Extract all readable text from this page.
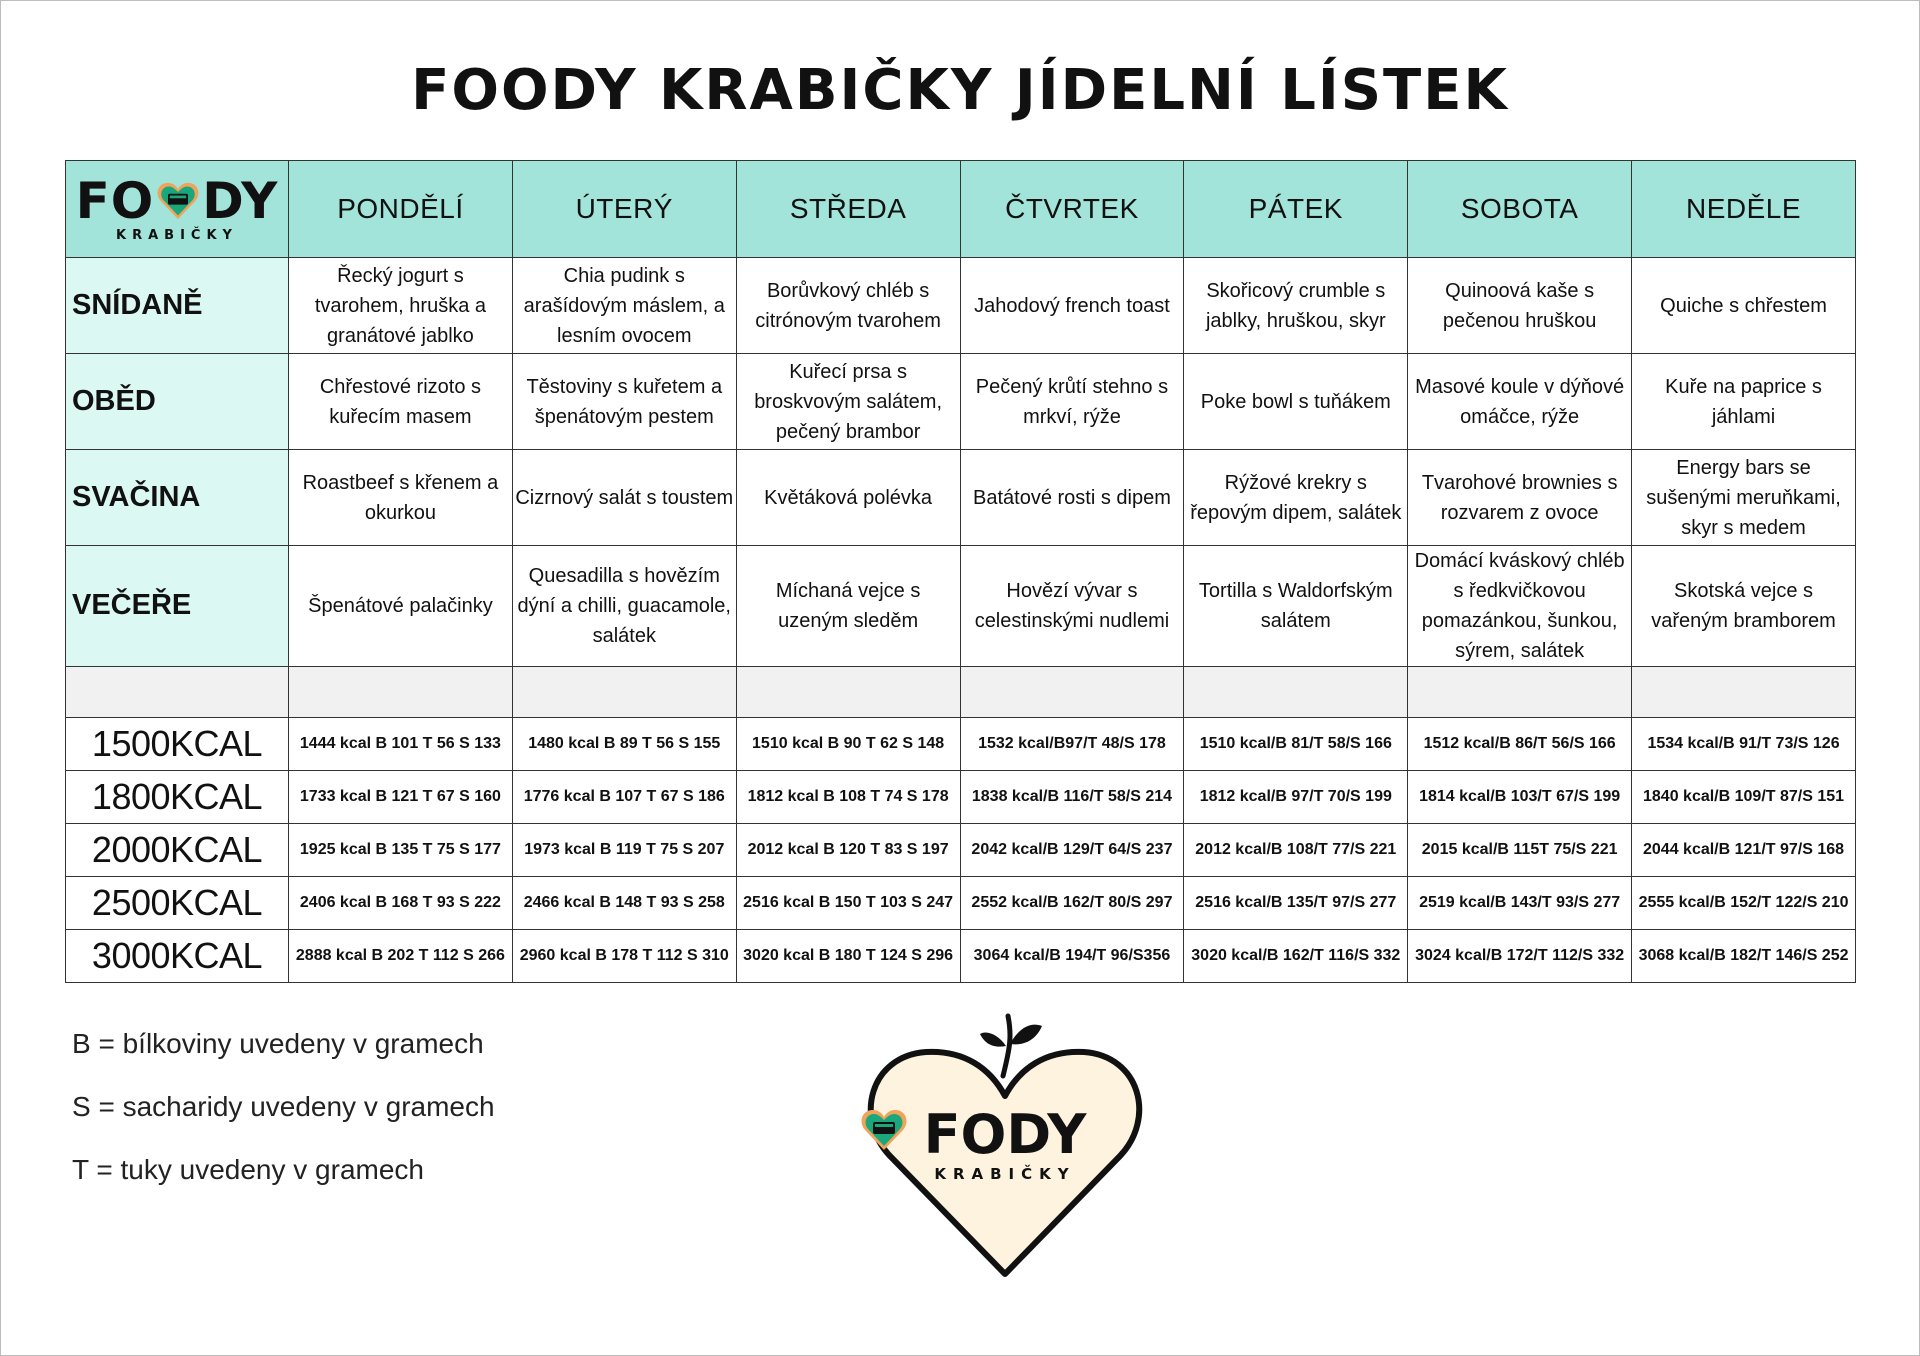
FOODY KRABIČKY JÍDELNÍ LÍSTEK
FO DY
KRABIČKY	PONDĚLÍ	ÚTERÝ	STŘEDA	ČTVRTEK	PÁTEK	SOBOTA	NEDĚLE
SNÍDANĚ	Řecký jogurt s tvarohem, hruška a granátové jablko	Chia pudink s arašídovým máslem, a lesním ovocem	Borůvkový chléb s citrónovým tvarohem	Jahodový french toast	Skořicový crumble s jablky, hruškou, skyr	Quinoová kaše s pečenou hruškou	Quiche s chřestem
OBĚD	Chřestové rizoto s kuřecím masem	Těstoviny s kuřetem a špenátovým pestem	Kuřecí prsa s broskvovým salátem, pečený brambor	Pečený krůtí stehno s mrkví, rýže	Poke bowl s tuňákem	Masové koule v dýňové omáčce, rýže	Kuře na paprice s jáhlami
SVAČINA	Roastbeef s křenem a okurkou	Cizrnový salát s toustem	Květáková polévka	Batátové rosti s dipem	Rýžové krekry s řepovým dipem, salátek	Tvarohové brownies s rozvarem z ovoce	Energy bars se sušenými meruňkami, skyr s medem
VEČEŘE	Špenátové palačinky	Quesadilla s hovězím dýní a chilli, guacamole, salátek	Míchaná vejce s uzeným sleděm	Hovězí vývar s celestinskými nudlemi	Tortilla s Waldorfským salátem	Domácí kváskový chléb s ředkvičkovou pomazánkou, šunkou, sýrem, salátek	Skotská vejce s vařeným bramborem

1500KCAL	1444 kcal B 101 T 56 S 133	1480 kcal B 89 T 56 S 155	1510 kcal B 90 T 62 S 148	1532 kcal/B97/T 48/S 178	1510 kcal/B 81/T 58/S 166	1512 kcal/B 86/T 56/S 166	1534 kcal/B 91/T 73/S 126
1800KCAL	1733 kcal B 121 T 67 S 160	1776 kcal B 107 T 67 S 186	1812 kcal B 108 T 74 S 178	1838 kcal/B 116/T 58/S 214	1812 kcal/B 97/T 70/S 199	1814 kcal/B 103/T 67/S 199	1840 kcal/B 109/T 87/S 151
2000KCAL	1925 kcal B 135 T 75 S 177	1973 kcal B 119 T 75 S 207	2012 kcal B 120 T 83 S 197	2042 kcal/B 129/T 64/S 237	2012 kcal/B 108/T 77/S 221	2015 kcal/B 115T 75/S 221	2044 kcal/B 121/T 97/S 168
2500KCAL	2406 kcal B 168 T 93 S 222	2466 kcal B 148 T 93 S 258	2516 kcal B 150 T 103 S 247	2552 kcal/B 162/T 80/S 297	2516 kcal/B 135/T 97/S 277	2519 kcal/B 143/T 93/S 277	2555 kcal/B 152/T 122/S 210
3000KCAL	2888 kcal B 202 T 112 S 266	2960 kcal B 178 T 112 S 310	3020 kcal B 180 T 124 S 296	3064 kcal/B 194/T 96/S356	3020 kcal/B 162/T 116/S 332	3024 kcal/B 172/T 112/S 332	3068 kcal/B 182/T 146/S 252
B = bílkoviny uvedeny v gramech
S = sacharidy uvedeny v gramech
T = tuky uvedeny v gramech
FO DY
KRABIČKY
